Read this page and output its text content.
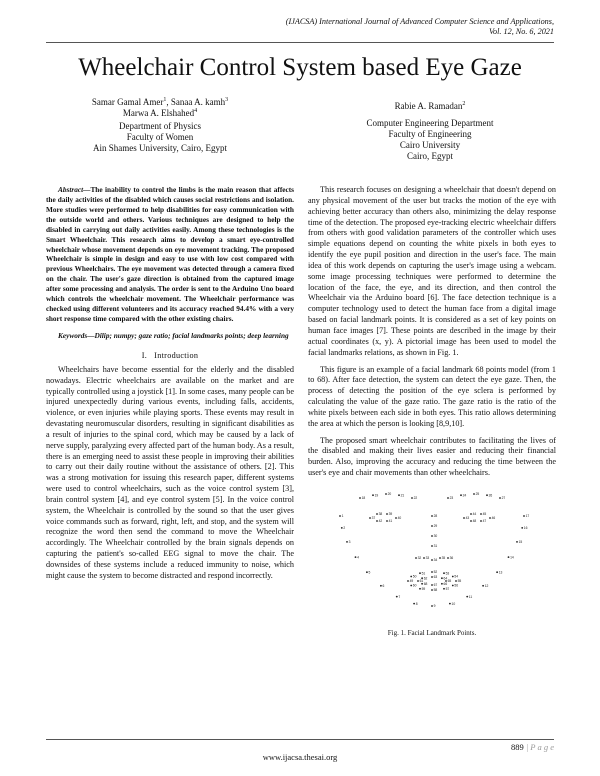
(IJACSA) International Journal of Advanced Computer Science and Applications,
Vol. 12, No. 6, 2021
Wheelchair Control System based Eye Gaze
Samar Gamal Amer$^1$, Sanaa A. kamh$^3$
Marwa A. Elshahed$^4$
Department of Physics
Faculty of Women
Ain Shames University, Cairo, Egypt
Rabie A. Ramadan$^2$
Computer Engineering Department
Faculty of Engineering
Cairo University
Cairo, Egypt

Abstract—The inability to control the limbs is the main reason that affects the daily activities of the disabled which causes social restrictions and isolation. More studies were performed to help disabilities for easy communication with the outside world and others. Various techniques are designed to help the disabled in carrying out daily activities easily. Among these technologies is the Smart Wheelchair. This research aims to develop a smart eye-controlled wheelchair whose movement depends on eye movement tracking. The proposed Wheelchair is simple in design and easy to use with low cost compared with previous Wheelchairs. The eye movement was detected through a camera fixed on the chair. The user's gaze direction is obtained from the captured image after some processing and analysis. The order is sent to the Arduino Uno board which controls the wheelchair movement. The Wheelchair performance was checked using different volunteers and its accuracy reached 94.4% with a very short response time compared with the other existing chairs.

Keywords—Dilip; numpy; gaze ratio; facial landmarks points; deep learning

I. Introduction

Wheelchairs have become essential for the elderly and the disabled nowadays. Electric wheelchairs are available on the market and are typically controlled using a joystick [1]. In some cases, many people can be injured unexpectedly during various events, including falls, accidents, violence, or even injuries while playing sports. These events may result in devastating neuromuscular disorders, resulting in significant disabilities as a result of injuries to the spinal cord, which may be caused by a lack of nerve supply, paralyzing every affected part of the human body. As a result, there is an emerging need to assist these people in improving their abilities to carry out their daily routine without the assistance of others. [2]. This was a strong motivation for issuing this research paper, different systems were used to control wheelchairs, such as the voice control system [3], brain control system [4], and eye control system [5]. In the voice control system, the Wheelchair is controlled by the sound so that the user gives voice commands such as forward, right, left, and stop, and the system will recognize the word then send the command to move the Wheelchair accordingly. The Wheelchair controlled by the brain signals depends on capturing the patient's so-called EEG signal to move the chair. The downsides of these systems include a reduced immunity to noise, which might cause the system to become distracted and respond incorrectly.

This research focuses on designing a wheelchair that doesn't depend on any physical movement of the user but tracks the motion of the eye with achieving better accuracy than others also, minimizing the delay response time of the detection. The proposed eye-tracking electric wheelchair differs from others with good validation parameters of the controller which uses simple equations depend on counting the white pixels in both eyes to identify the eye pupil position and direction in the user's face. The main idea of this work depends on capturing the user's image using a webcam. some image processing techniques were performed to determine the location of the face, the eye, and its direction, and then control the Wheelchair via the Arduino board [6]. The face detection technique is a computer technology used to detect the human face from a digital image based on facial landmark points. It is considered as a set of key points on human face images [7]. These points are described in the image by their actual coordinates (x, y). A pictorial image has been used to model the facial landmarks relations, as shown in Fig. 1.

This figure is an example of a facial landmark 68 points model (from 1 to 68). After face detection, the system can detect the eye gaze. Then, the process of detecting the position of the eye sclera is performed by calculating the value of the gaze ratio. The gaze ratio is the ratio of the white pixels between each side in both eyes. This ratio allows determining the area at which the person is looking [8,9,10].

The proposed smart wheelchair contributes to facilitating the lives of the disabled and making their lives easier and reducing their financial burden. Also, improving the accuracy and reducing the time between the user's eye and chair movements than other wheelchairs.

1
2
3
4
5
6
7
8
9
10
11
12
13
14
15
16
17
18
19	20	21
22	23
24	25	26
27
28
29
30
31
32 33 34 35 36
37
38 39
40
41
42
43
44 45
46
47
48
49
50
51	52	53
54
55
56
57
58
59
60
61
62 63 64
65
66
67
68
Fig. 1. Facial Landmark Points.
889 | P a g e
www.ijacsa.thesai.org
